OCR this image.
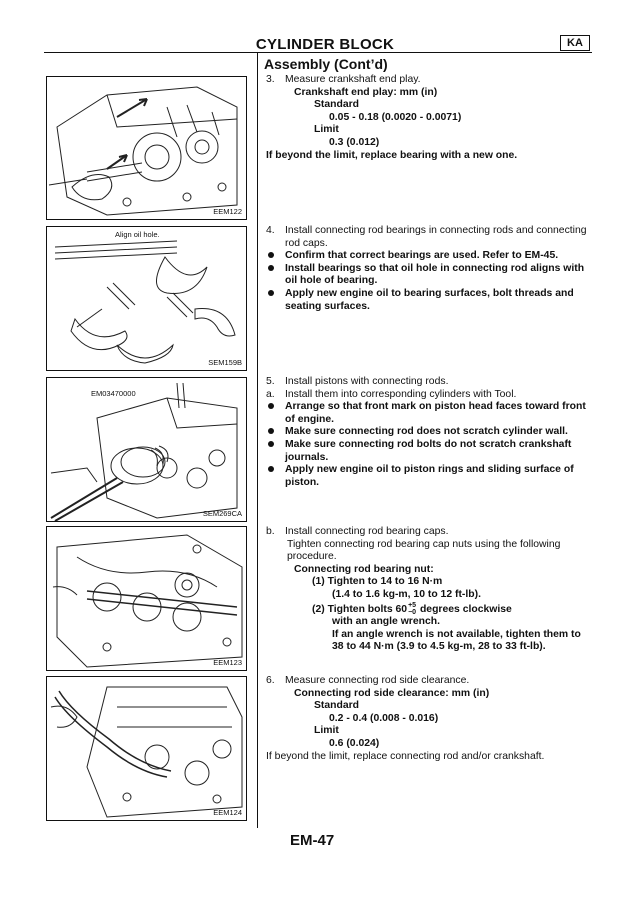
CYLINDER BLOCK	KA
Assembly (Cont’d)
EEM122
Align oil hole.
SEM159B
EM03470000
SEM269CA
EEM123
EEM124
3. Measure crankshaft end play.
Crankshaft end play: mm (in)
Standard
0.05 - 0.18 (0.0020 - 0.0071)
Limit
0.3 (0.012)
If beyond the limit, replace bearing with a new one.
4. Install connecting rod bearings in connecting rods and connecting rod caps.
Confirm that correct bearings are used. Refer to EM-45.
Install bearings so that oil hole in connecting rod aligns with oil hole of bearing.
Apply new engine oil to bearing surfaces, bolt threads and seating surfaces.
5. Install pistons with connecting rods.
a. Install them into corresponding cylinders with Tool.
Arrange so that front mark on piston head faces toward front of engine.
Make sure connecting rod does not scratch cylinder wall.
Make sure connecting rod bolts do not scratch crankshaft journals.
Apply new engine oil to piston rings and sliding surface of piston.
b. Install connecting rod bearing caps.
Tighten connecting rod bearing cap nuts using the following procedure.
Connecting rod bearing nut:
(1) Tighten to 14 to 16 N·m
(1.4 to 1.6 kg-m, 10 to 12 ft-lb).
(2) Tighten bolts 60 +5
−0 degrees clockwise
with an angle wrench.
If an angle wrench is not available, tighten them to 38 to 44 N·m (3.9 to 4.5 kg-m, 28 to 33 ft-lb).
6. Measure connecting rod side clearance.
Connecting rod side clearance: mm (in)
Standard
0.2 - 0.4 (0.008 - 0.016)
Limit
0.6 (0.024)
If beyond the limit, replace connecting rod and/or crankshaft.
EM-47
